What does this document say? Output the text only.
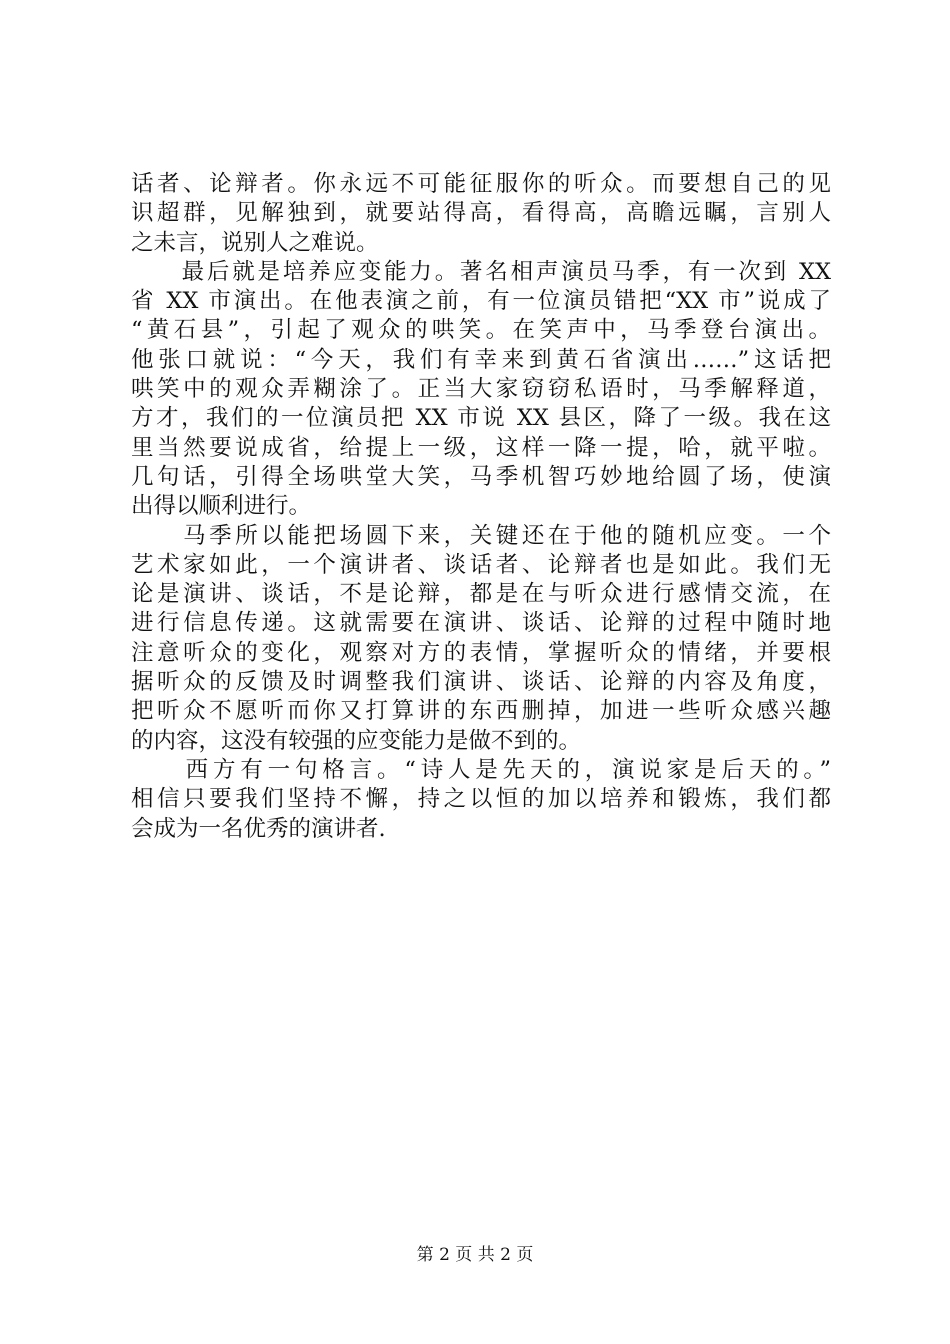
话者、论辩者。你永远不可能征服你的听众。而要想自己的见
识超群，见解独到，就要站得高，看得高，高瞻远瞩，言别人
之未言，说别人之难说。
　　最后就是培养应变能力。著名相声演员马季，有一次到 XX
省 XX 市演出。在他表演之前，有一位演员错把“XX 市”说成了
“黄石县”，引起了观众的哄笑。在笑声中，马季登台演出。
他张口就说：“今天，我们有幸来到黄石省演出……”这话把
哄笑中的观众弄糊涂了。正当大家窃窃私语时，马季解释道，
方才，我们的一位演员把 XX 市说 XX 县区，降了一级。我在这
里当然要说成省，给提上一级，这样一降一提，哈，就平啦。
几句话，引得全场哄堂大笑，马季机智巧妙地给圆了场，使演
出得以顺利进行。
　　马季所以能把场圆下来，关键还在于他的随机应变。一个
艺术家如此，一个演讲者、谈话者、论辩者也是如此。我们无
论是演讲、谈话，不是论辩，都是在与听众进行感情交流，在
进行信息传递。这就需要在演讲、谈话、论辩的过程中随时地
注意听众的变化，观察对方的表情，掌握听众的情绪，并要根
据听众的反馈及时调整我们演讲、谈话、论辩的内容及角度，
把听众不愿听而你又打算讲的东西删掉，加进一些听众感兴趣
的内容，这没有较强的应变能力是做不到的。
　　西方有一句格言。“诗人是先天的，演说家是后天的。”
相信只要我们坚持不懈，持之以恒的加以培养和锻炼，我们都
会成为一名优秀的演讲者.
第 2 页 共 2 页
